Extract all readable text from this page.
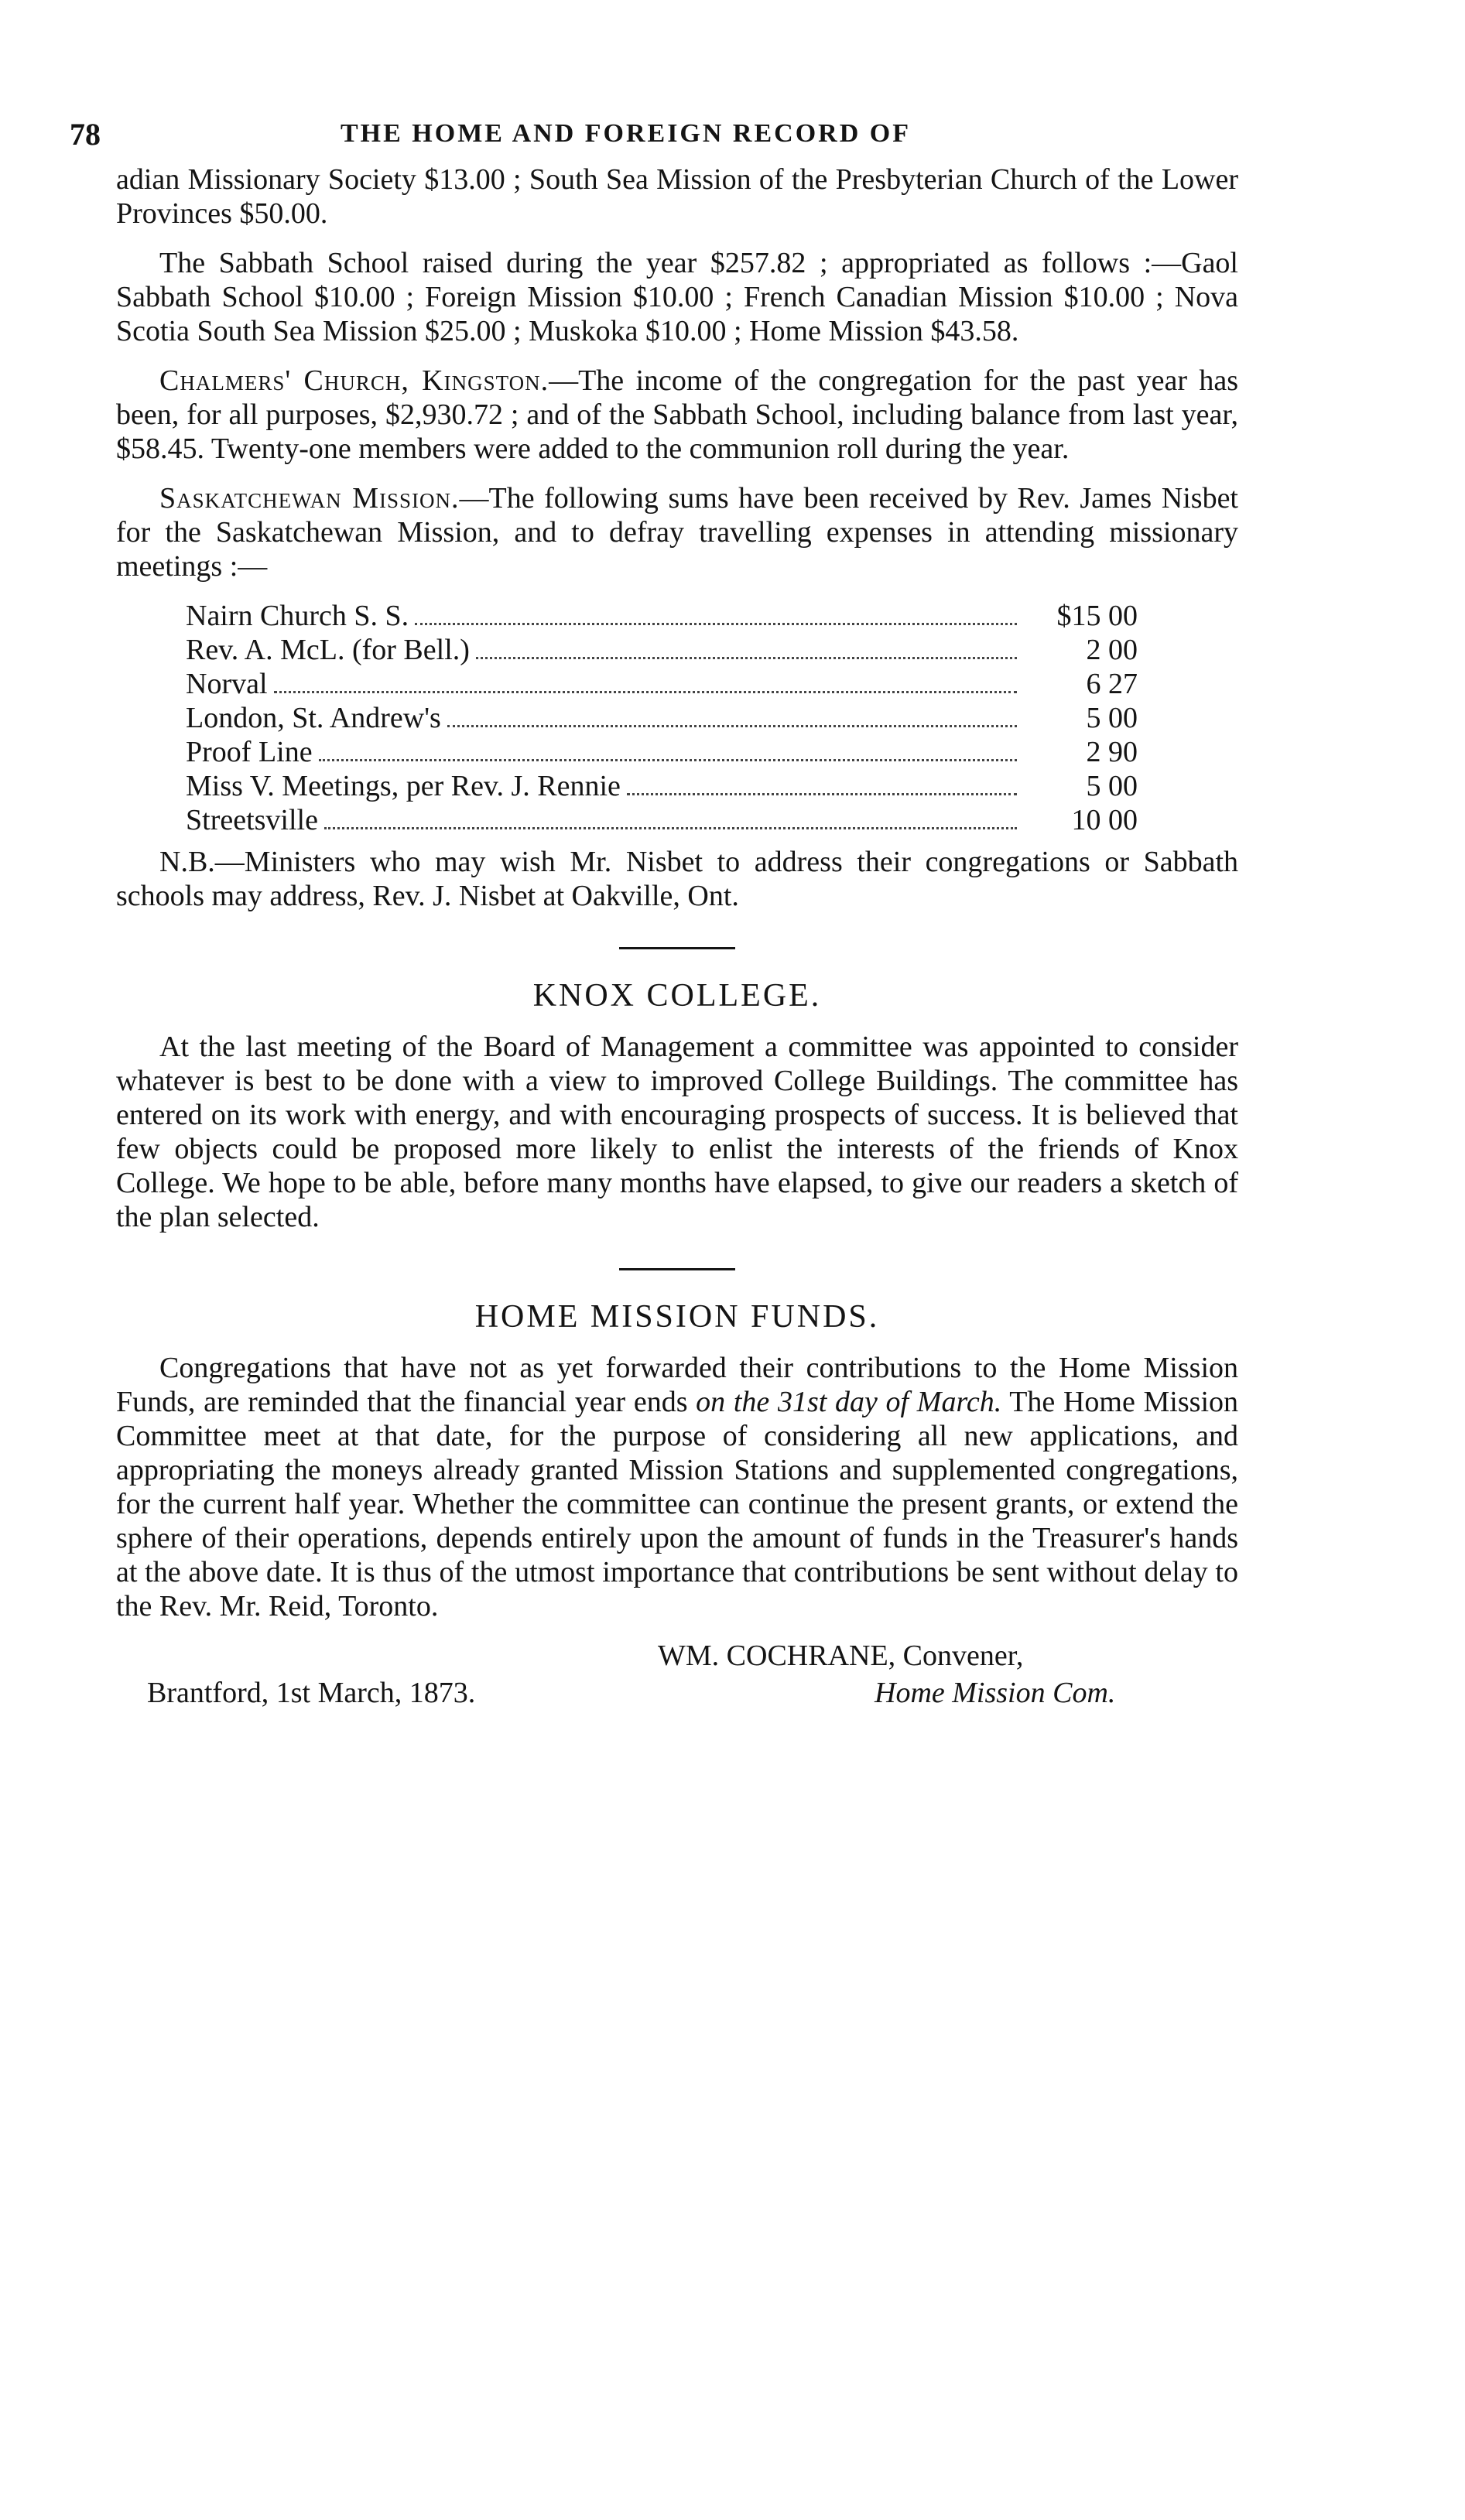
78	THE HOME AND FOREIGN RECORD OF

adian Missionary Society $13.00 ; South Sea Mission of the Presbyterian Church of the Lower Provinces $50.00.

The Sabbath School raised during the year $257.82 ; appropriated as follows :—Gaol Sabbath School $10.00 ; Foreign Mission $10.00 ; French Canadian Mission $10.00 ; Nova Scotia South Sea Mission $25.00 ; Muskoka $10.00 ; Home Mission $43.58.

Chalmers' Church, Kingston.—The income of the congregation for the past year has been, for all purposes, $2,930.72 ; and of the Sabbath School, including balance from last year, $58.45. Twenty-one members were added to the communion roll during the year.

Saskatchewan Mission.—The following sums have been received by Rev. James Nisbet for the Saskatchewan Mission, and to defray travelling expenses in attending missionary meetings :—

Nairn Church S. S.	$15 00
Rev. A. McL. (for Bell.)	2 00
Norval	6 27
London, St. Andrew's	5 00
Proof Line	2 90
Miss V. Meetings, per Rev. J. Rennie	5 00
Streetsville	10 00

N.B.—Ministers who may wish Mr. Nisbet to address their congregations or Sabbath schools may address, Rev. J. Nisbet at Oakville, Ont.

KNOX COLLEGE.

At the last meeting of the Board of Management a committee was appointed to consider whatever is best to be done with a view to improved College Buildings. The committee has entered on its work with energy, and with encouraging prospects of success. It is believed that few objects could be proposed more likely to enlist the interests of the friends of Knox College. We hope to be able, before many months have elapsed, to give our readers a sketch of the plan selected.

HOME MISSION FUNDS.

Congregations that have not as yet forwarded their contributions to the Home Mission Funds, are reminded that the financial year ends on the 31st day of March. The Home Mission Committee meet at that date, for the purpose of considering all new applications, and appropriating the moneys already granted Mission Stations and supplemented congregations, for the current half year. Whether the committee can continue the present grants, or extend the sphere of their operations, depends entirely upon the amount of funds in the Treasurer's hands at the above date. It is thus of the utmost importance that contributions be sent without delay to the Rev. Mr. Reid, Toronto.

WM. COCHRANE, Convener,
Brantford, 1st March, 1873.	Home Mission Com.
